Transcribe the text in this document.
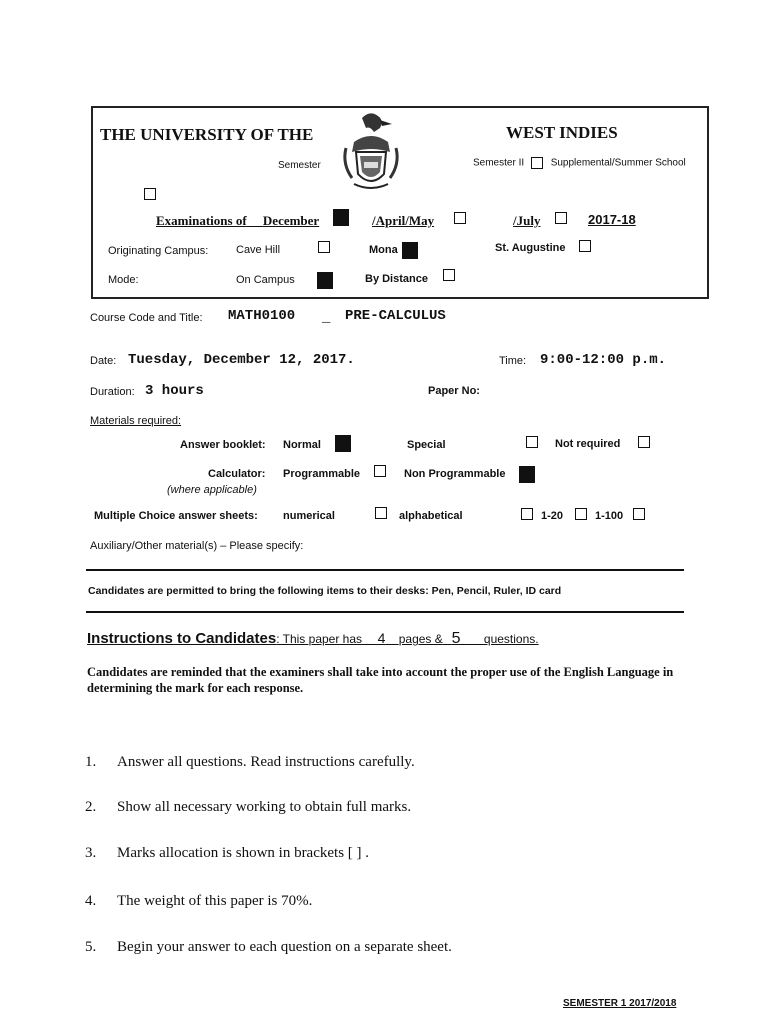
THE UNIVERSITY OF THE	WEST INDIES
Semester	Semester II	Supplemental/Summer School
Examinations of December	/April/May	/July	2017-18
Originating Campus:	Cave Hill	Mona	St. Augustine
Mode:	On Campus	By Distance
Course Code and Title: MATH0100 _ PRE-CALCULUS
Date: Tuesday, December 12, 2017.	Time: 9:00-12:00 p.m.
Duration: 3 hours	Paper No:
Materials required:
Answer booklet: Normal	Special	Not required
Calculator: Programmable	Non Programmable
(where applicable)
Multiple Choice answer sheets: numerical	alphabetical	1-20	1-100
Auxiliary/Other material(s) – Please specify:
Candidates are permitted to bring the following items to their desks: Pen, Pencil, Ruler, ID card
Instructions to Candidates: This paper has 4 pages & 5 questions.
Candidates are reminded that the examiners shall take into account the proper use of the English Language in determining the mark for each response.
1. Answer all questions. Read instructions carefully.
2. Show all necessary working to obtain full marks.
3. Marks allocation is shown in brackets [ ] .
4. The weight of this paper is 70%.
5. Begin your answer to each question on a separate sheet.
SEMESTER 1 2017/2018
